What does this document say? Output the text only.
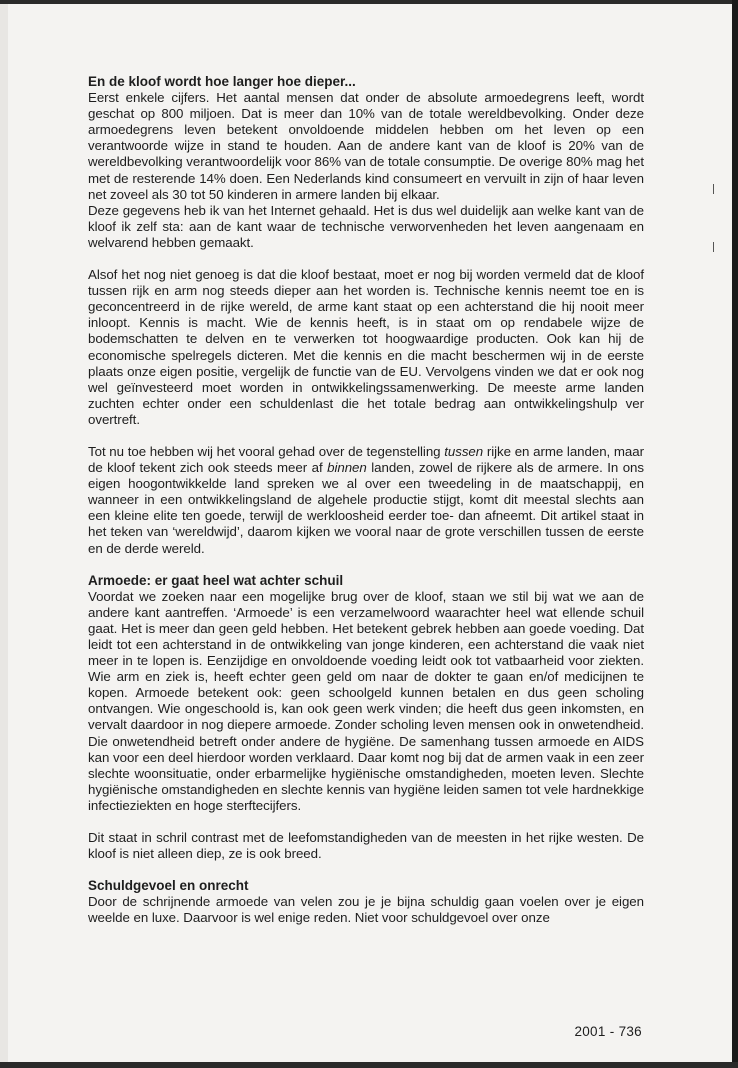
En de kloof wordt hoe langer hoe dieper...

Eerst enkele cijfers. Het aantal mensen dat onder de absolute armoedegrens leeft, wordt geschat op 800 miljoen. Dat is meer dan 10% van de totale wereldbevolking. Onder deze armoedegrens leven betekent onvoldoende middelen hebben om het leven op een verantwoorde wijze in stand te houden. Aan de andere kant van de kloof is 20% van de wereldbevolking verantwoordelijk voor 86% van de totale consumptie. De overige 80% mag het met de resterende 14% doen. Een Nederlands kind consumeert en vervuilt in zijn of haar leven net zoveel als 30 tot 50 kinderen in armere landen bij elkaar.

Deze gegevens heb ik van het Internet gehaald. Het is dus wel duidelijk aan welke kant van de kloof ik zelf sta: aan de kant waar de technische verworvenheden het leven aangenaam en welvarend hebben gemaakt.

Alsof het nog niet genoeg is dat die kloof bestaat, moet er nog bij worden vermeld dat de kloof tussen rijk en arm nog steeds dieper aan het worden is. Technische kennis neemt toe en is geconcentreerd in de rijke wereld, de arme kant staat op een achterstand die hij nooit meer inloopt. Kennis is macht. Wie de kennis heeft, is in staat om op rendabele wijze de bodemschatten te delven en te verwerken tot hoogwaardige producten. Ook kan hij de economische spelregels dicteren. Met die kennis en die macht beschermen wij in de eerste plaats onze eigen positie, vergelijk de functie van de EU. Vervolgens vinden we dat er ook nog wel geïnvesteerd moet worden in ontwikkelingssamenwerking. De meeste arme landen zuchten echter onder een schuldenlast die het totale bedrag aan ontwikkelingshulp ver overtreft.

Tot nu toe hebben wij het vooral gehad over de tegenstelling tussen rijke en arme landen, maar de kloof tekent zich ook steeds meer af binnen landen, zowel de rijkere als de armere. In ons eigen hoogontwikkelde land spreken we al over een tweedeling in de maatschappij, en wanneer in een ontwikkelingsland de algehele productie stijgt, komt dit meestal slechts aan een kleine elite ten goede, terwijl de werkloosheid eerder toe- dan afneemt. Dit artikel staat in het teken van ‘wereldwijd’, daarom kijken we vooral naar de grote verschillen tussen de eerste en de derde wereld.

Armoede: er gaat heel wat achter schuil

Voordat we zoeken naar een mogelijke brug over de kloof, staan we stil bij wat we aan de andere kant aantreffen. ‘Armoede’ is een verzamelwoord waarachter heel wat ellende schuil gaat. Het is meer dan geen geld hebben. Het betekent gebrek hebben aan goede voeding. Dat leidt tot een achterstand in de ontwikkeling van jonge kinderen, een achterstand die vaak niet meer in te lopen is. Eenzijdige en onvoldoende voeding leidt ook tot vatbaarheid voor ziekten. Wie arm en ziek is, heeft echter geen geld om naar de dokter te gaan en/of medicijnen te kopen. Armoede betekent ook: geen schoolgeld kunnen betalen en dus geen scholing ontvangen. Wie ongeschoold is, kan ook geen werk vinden; die heeft dus geen inkomsten, en vervalt daardoor in nog diepere armoede. Zonder scholing leven mensen ook in onwetendheid. Die onwetendheid betreft onder andere de hygiëne. De samenhang tussen armoede en AIDS kan voor een deel hierdoor worden verklaard. Daar komt nog bij dat de armen vaak in een zeer slechte woonsituatie, onder erbarmelijke hygiënische omstandigheden, moeten leven. Slechte hygiënische omstandigheden en slechte kennis van hygiëne leiden samen tot vele hardnekkige infectieziekten en hoge sterftecijfers.

Dit staat in schril contrast met de leefomstandigheden van de meesten in het rijke westen. De kloof is niet alleen diep, ze is ook breed.

Schuldgevoel en onrecht

Door de schrijnende armoede van velen zou je je bijna schuldig gaan voelen over je eigen weelde en luxe. Daarvoor is wel enige reden. Niet voor schuldgevoel over onze

2001 - 736
